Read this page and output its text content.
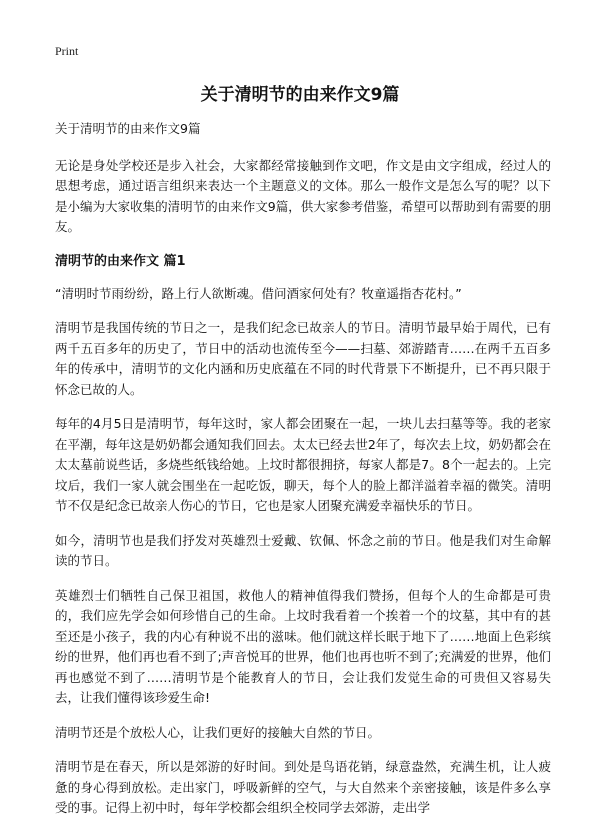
Print
关于清明节的由来作文9篇

关于清明节的由来作文9篇

无论是身处学校还是步入社会，大家都经常接触到作文吧，作文是由文字组成，经过人的思想考虑，通过语言组织来表达一个主题意义的文体。那么一般作文是怎么写的呢？以下是小编为大家收集的清明节的由来作文9篇，供大家参考借鉴，希望可以帮助到有需要的朋友。

清明节的由来作文 篇1

“清明时节雨纷纷，路上行人欲断魂。借问酒家何处有？牧童遥指杏花村。”

清明节是我国传统的节日之一，是我们纪念已故亲人的节日。清明节最早始于周代，已有两千五百多年的历史了，节日中的活动也流传至今——扫墓、郊游踏青……在两千五百多年的传承中，清明节的文化内涵和历史底蕴在不同的时代背景下不断提升，已不再只限于怀念已故的人。

每年的4月5日是清明节，每年这时，家人都会团聚在一起，一块儿去扫墓等等。我的老家在平潮，每年这是奶奶都会通知我们回去。太太已经去世2年了，每次去上坟，奶奶都会在太太墓前说些话，多烧些纸钱给她。上坟时都很拥挤，每家人都是7。8个一起去的。上完坟后，我们一家人就会围坐在一起吃饭，聊天，每个人的脸上都洋溢着幸福的微笑。清明节不仅是纪念已故亲人伤心的节日，它也是家人团聚充满爱幸福快乐的节日。

如今，清明节也是我们抒发对英雄烈士爱戴、钦佩、怀念之前的节日。他是我们对生命解读的节日。

英雄烈士们牺牲自己保卫祖国，救他人的精神值得我们赞扬，但每个人的生命都是可贵的，我们应先学会如何珍惜自己的生命。上坟时我看着一个挨着一个的坟墓，其中有的甚至还是小孩子，我的内心有种说不出的滋味。他们就这样长眠于地下了……地面上色彩缤纷的世界，他们再也看不到了;声音悦耳的世界，他们也再也听不到了;充满爱的世界，他们再也感觉不到了……清明节是个能教育人的节日，会让我们发觉生命的可贵但又容易失去，让我们懂得该珍爱生命!

清明节还是个放松人心，让我们更好的接触大自然的节日。

清明节是在春天，所以是郊游的好时间。到处是鸟语花销，绿意盎然，充满生机，让人疲惫的身心得到放松。走出家门，呼吸新鲜的空气，与大自然来个亲密接触，该是件多么享受的事。记得上初中时，每年学校都会组织全校同学去郊游，走出学
